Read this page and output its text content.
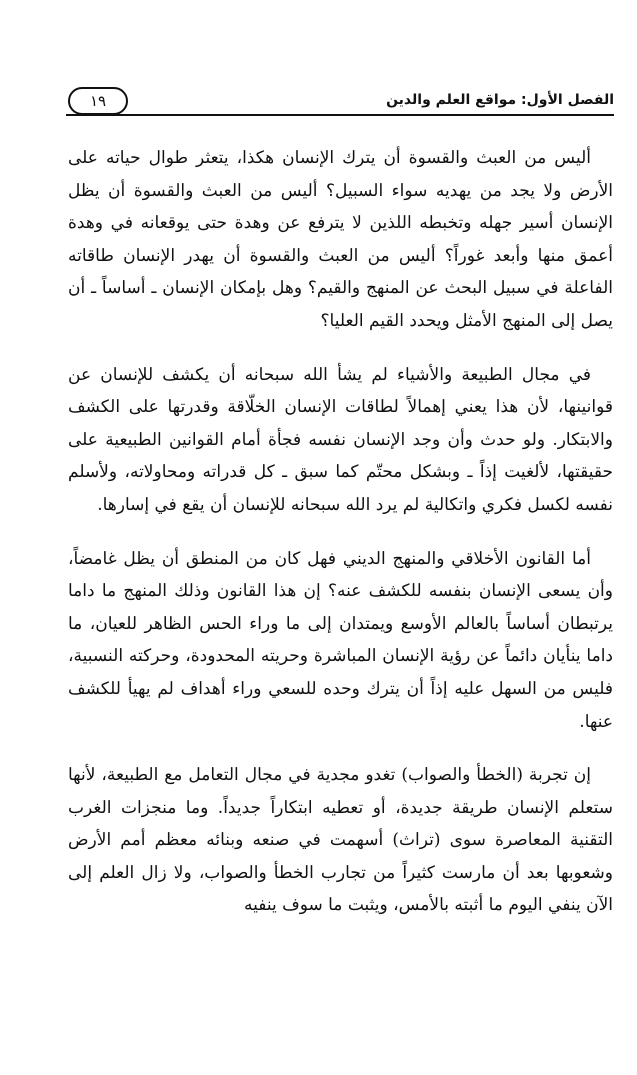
الفصل الأول: مواقع العلم والدين
١٩

أليس من العبث والقسوة أن يترك الإنسان هكذا، يتعثر طوال حياته على الأرض ولا يجد من يهديه سواء السبيل؟ أليس من العبث والقسوة أن يظل الإنسان أسير جهله وتخبطه اللذين لا يترفع عن وهدة حتى يوقعانه في وهدة أعمق منها وأبعد غوراً؟ أليس من العبث والقسوة أن يهدر الإنسان طاقاته الفاعلة في سبيل البحث عن المنهج والقيم؟ وهل بإمكان الإنسان ـ أساساً ـ أن يصل إلى المنهج الأمثل ويحدد القيم العليا؟

في مجال الطبيعة والأشياء لم يشأ الله سبحانه أن يكشف للإنسان عن قوانينها، لأن هذا يعني إهمالاً لطاقات الإنسان الخلّاقة وقدرتها على الكشف والابتكار. ولو حدث وأن وجد الإنسان نفسه فجأة أمام القوانين الطبيعية على حقيقتها، لألغيت إذاً ـ وبشكل محتّم كما سبق ـ كل قدراته ومحاولاته، ولأسلم نفسه لكسل فكري واتكالية لم يرد الله سبحانه للإنسان أن يقع في إسارها.

أما القانون الأخلاقي والمنهج الديني فهل كان من المنطق أن يظل غامضاً، وأن يسعى الإنسان بنفسه للكشف عنه؟ إن هذا القانون وذلك المنهج ما داما يرتبطان أساساً بالعالم الأوسع ويمتدان إلى ما وراء الحس الظاهر للعيان، ما داما ينأيان دائماً عن رؤية الإنسان المباشرة وحريته المحدودة، وحركته النسبية، فليس من السهل عليه إذاً أن يترك وحده للسعي وراء أهداف لم يهيأ للكشف عنها.

إن تجربة (الخطأ والصواب) تغدو مجدية في مجال التعامل مع الطبيعة، لأنها ستعلم الإنسان طريقة جديدة، أو تعطيه ابتكاراً جديداً. وما منجزات الغرب التقنية المعاصرة سوى (تراث) أسهمت في صنعه وبنائه معظم أمم الأرض وشعوبها بعد أن مارست كثيراً من تجارب الخطأ والصواب، ولا زال العلم إلى الآن ينفي اليوم ما أثبته بالأمس، ويثبت ما سوف ينفيه
